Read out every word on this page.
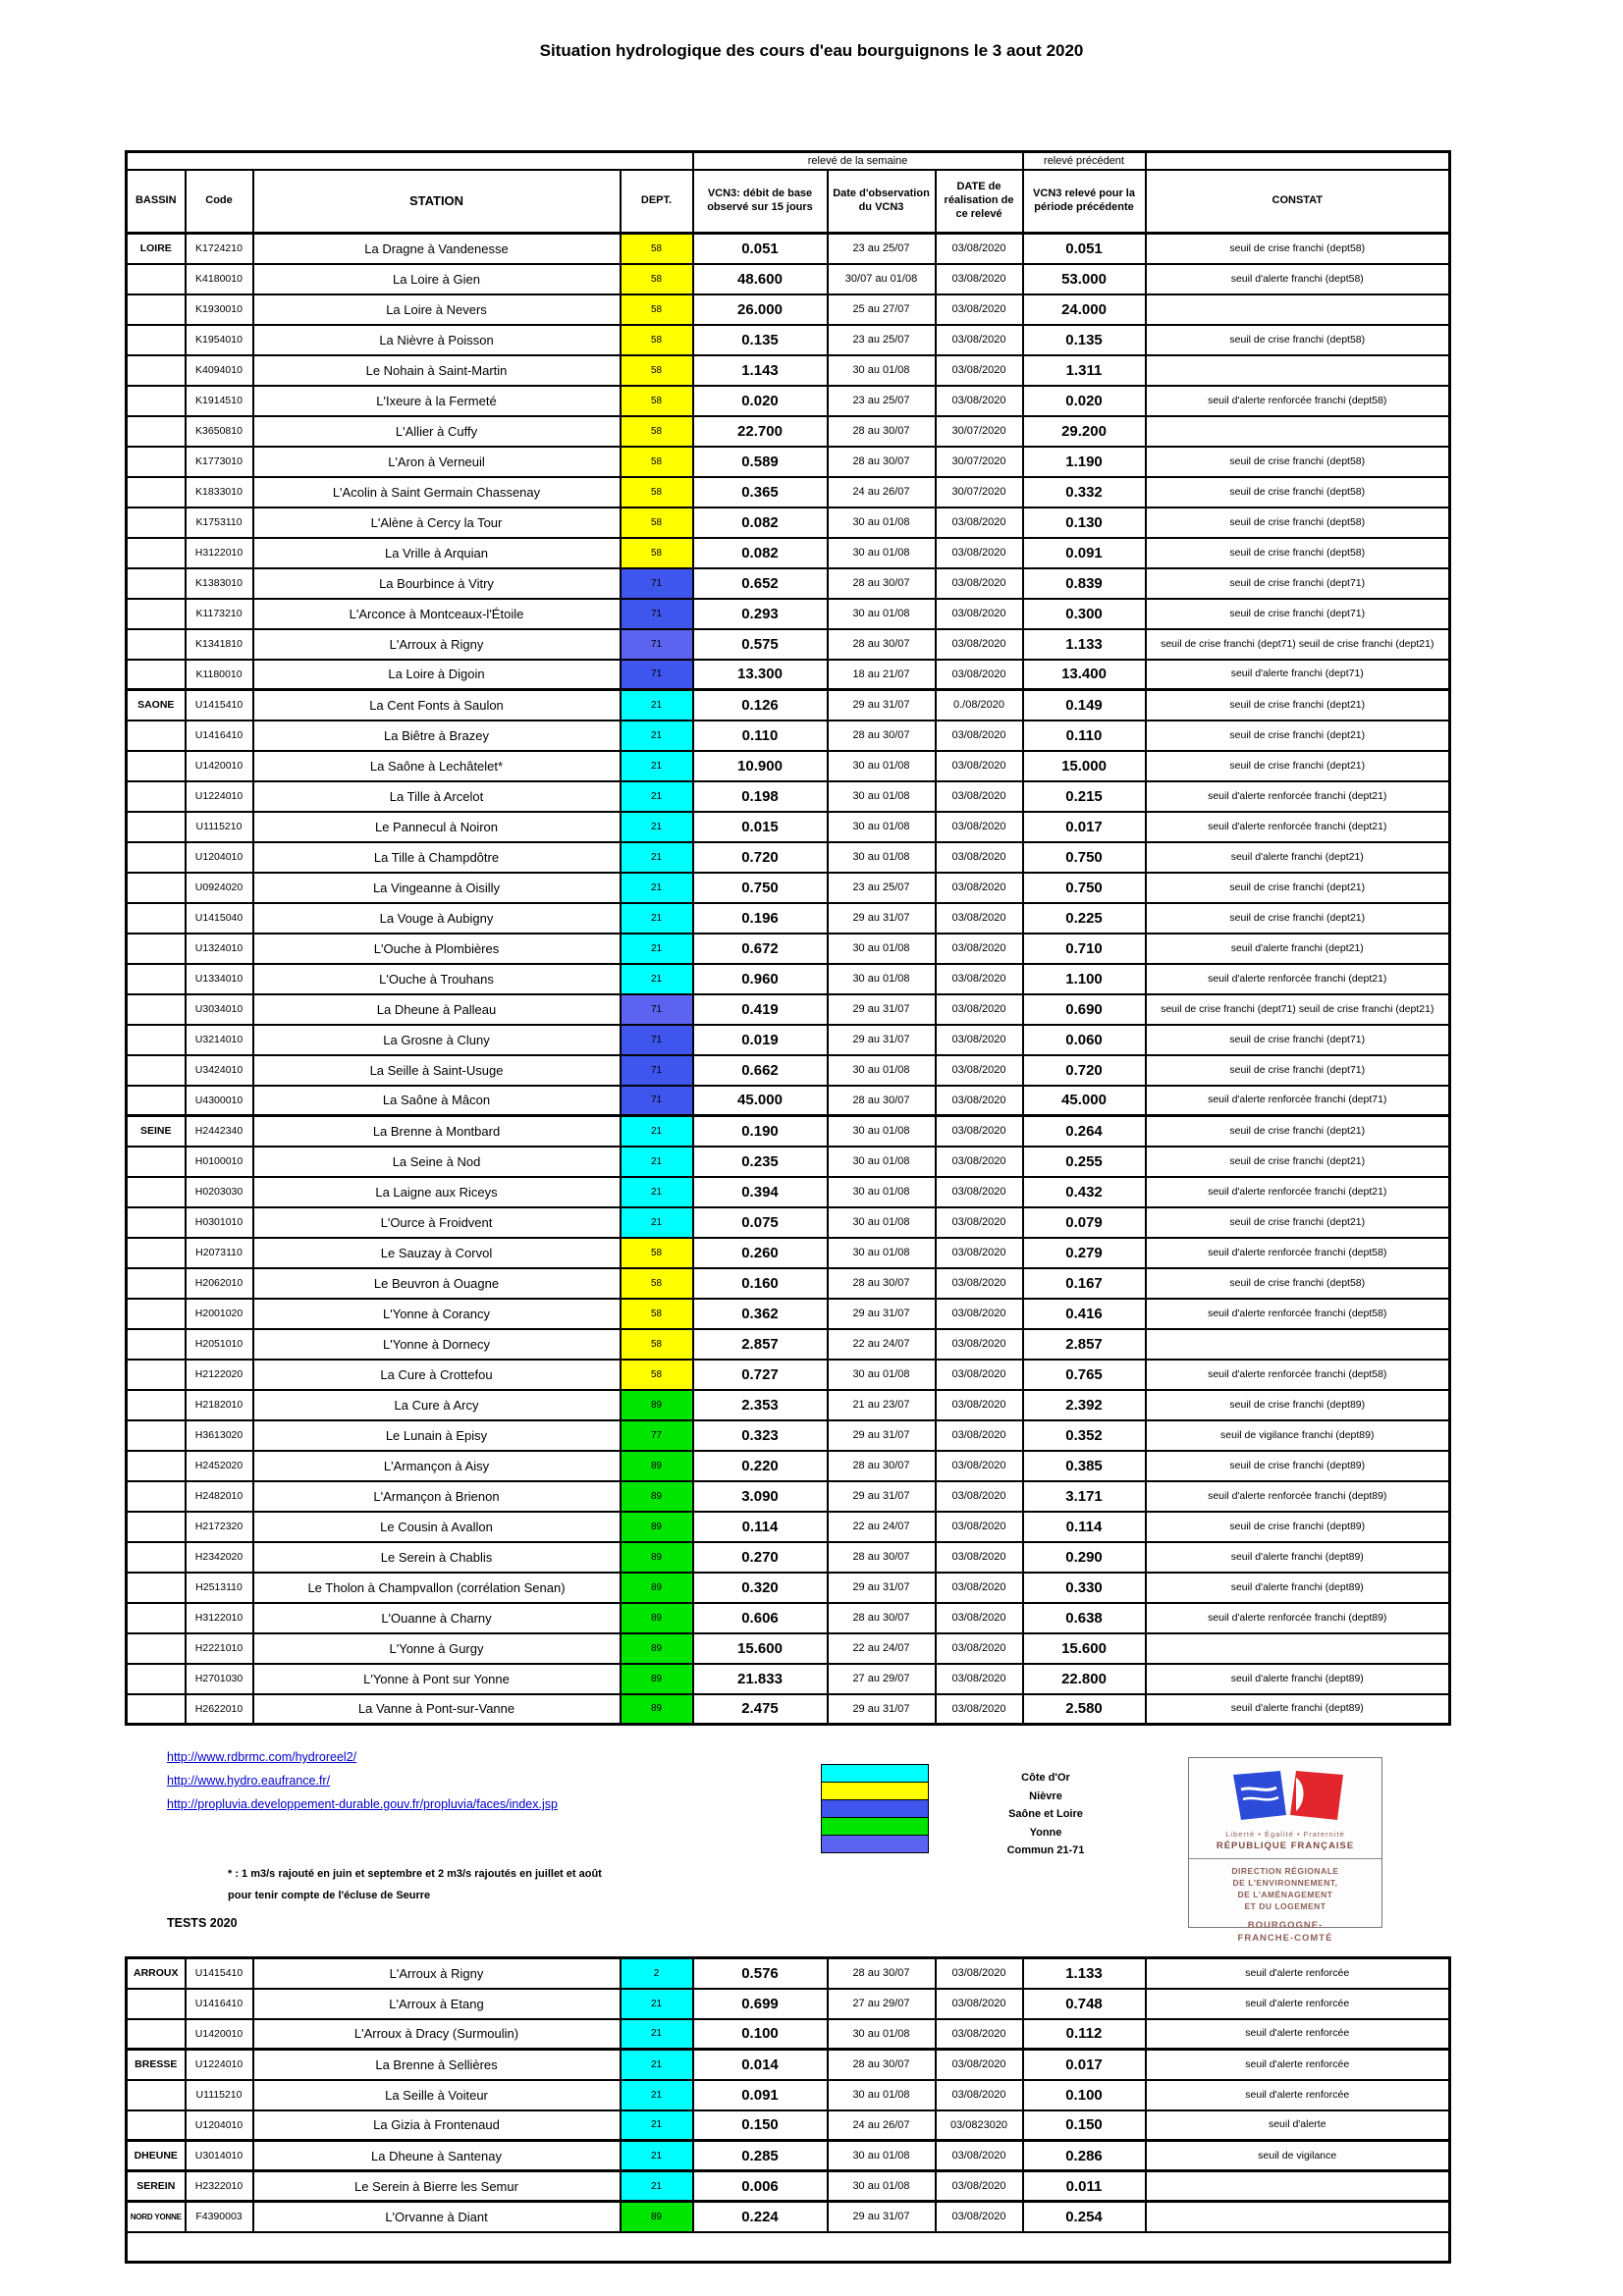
Situation hydrologique des cours d'eau bourguignons le 3 aout 2020
				relevé de la semaine			relevé précédent	
BASSIN	Code	STATION	DEPT.	VCN3: débit de base observé sur 15 jours	Date d'observation du VCN3	DATE de réalisation de ce relevé	VCN3 relevé pour la période précédente	CONSTAT
LOIRE	K1724210	La Dragne à Vandenesse	58	0.051	23 au 25/07	03/08/2020	0.051	seuil de crise franchi (dept58)
	K4180010	La Loire à Gien	58	48.600	30/07 au 01/08	03/08/2020	53.000	seuil d'alerte franchi (dept58)
	K1930010	La Loire à Nevers	58	26.000	25 au 27/07	03/08/2020	24.000	
	K1954010	La Nièvre à Poisson	58	0.135	23 au 25/07	03/08/2020	0.135	seuil de crise franchi (dept58)
	K4094010	Le Nohain à Saint-Martin	58	1.143	30 au 01/08	03/08/2020	1.311	
	K1914510	L'Ixeure à la Fermeté	58	0.020	23 au 25/07	03/08/2020	0.020	seuil d'alerte renforcée franchi (dept58)
	K3650810	L'Allier à Cuffy	58	22.700	28 au 30/07	30/07/2020	29.200	
	K1773010	L'Aron à Verneuil	58	0.589	28 au 30/07	30/07/2020	1.190	seuil de crise franchi (dept58)
	K1833010	L'Acolin à Saint Germain Chassenay	58	0.365	24 au 26/07	30/07/2020	0.332	seuil de crise franchi (dept58)
	K1753110	L'Alène à Cercy la Tour	58	0.082	30 au 01/08	03/08/2020	0.130	seuil de crise franchi (dept58)
	H3122010	La Vrille à Arquian	58	0.082	30 au 01/08	03/08/2020	0.091	seuil de crise franchi (dept58)
	K1383010	La Bourbince à Vitry	71	0.652	28 au 30/07	03/08/2020	0.839	seuil de crise franchi (dept71)
	K1173210	L'Arconce à Montceaux-l'Étoile	71	0.293	30 au 01/08	03/08/2020	0.300	seuil de crise franchi (dept71)
	K1341810	L'Arroux à Rigny	71	0.575	28 au 30/07	03/08/2020	1.133	seuil de crise franchi (dept71) seuil de crise franchi (dept21)
	K1180010	La Loire à Digoin	71	13.300	18 au 21/07	03/08/2020	13.400	seuil d'alerte franchi (dept71)
SAONE	U1415410	La Cent Fonts à Saulon	21	0.126	29 au 31/07	0./08/2020	0.149	seuil de crise franchi (dept21)
	U1416410	La Biêtre à Brazey	21	0.110	28 au 30/07	03/08/2020	0.110	seuil de crise franchi (dept21)
	U1420010	La Saône à Lechâtelet*	21	10.900	30 au 01/08	03/08/2020	15.000	seuil de crise franchi (dept21)
	U1224010	La Tille à Arcelot	21	0.198	30 au 01/08	03/08/2020	0.215	seuil d'alerte renforcée franchi (dept21)
	U1115210	Le Pannecul à Noiron	21	0.015	30 au 01/08	03/08/2020	0.017	seuil d'alerte renforcée franchi (dept21)
	U1204010	La Tille à Champdôtre	21	0.720	30 au 01/08	03/08/2020	0.750	seuil d'alerte franchi (dept21)
	U0924020	La Vingeanne à Oisilly	21	0.750	23 au 25/07	03/08/2020	0.750	seuil de crise franchi (dept21)
	U1415040	La Vouge à Aubigny	21	0.196	29 au 31/07	03/08/2020	0.225	seuil de crise franchi (dept21)
	U1324010	L'Ouche à Plombières	21	0.672	30 au 01/08	03/08/2020	0.710	seuil d'alerte franchi (dept21)
	U1334010	L'Ouche à Trouhans	21	0.960	30 au 01/08	03/08/2020	1.100	seuil d'alerte renforcée franchi (dept21)
	U3034010	La Dheune à Palleau	71	0.419	29 au 31/07	03/08/2020	0.690	seuil de crise franchi (dept71) seuil de crise franchi (dept21)
	U3214010	La Grosne à Cluny	71	0.019	29 au 31/07	03/08/2020	0.060	seuil de crise franchi (dept71)
	U3424010	La Seille à Saint-Usuge	71	0.662	30 au 01/08	03/08/2020	0.720	seuil de crise franchi (dept71)
	U4300010	La Saône à Mâcon	71	45.000	28 au 30/07	03/08/2020	45.000	seuil d'alerte renforcée franchi (dept71)
SEINE	H2442340	La Brenne à Montbard	21	0.190	30 au 01/08	03/08/2020	0.264	seuil de crise franchi (dept21)
	H0100010	La Seine à Nod	21	0.235	30 au 01/08	03/08/2020	0.255	seuil de crise franchi (dept21)
	H0203030	La Laigne aux Riceys	21	0.394	30 au 01/08	03/08/2020	0.432	seuil d'alerte renforcée franchi (dept21)
	H0301010	L'Ource à Froidvent	21	0.075	30 au 01/08	03/08/2020	0.079	seuil de crise franchi (dept21)
	H2073110	Le Sauzay à Corvol	58	0.260	30 au 01/08	03/08/2020	0.279	seuil d'alerte renforcée franchi (dept58)
	H2062010	Le Beuvron à Ouagne	58	0.160	28 au 30/07	03/08/2020	0.167	seuil de crise franchi (dept58)
	H2001020	L'Yonne à Corancy	58	0.362	29 au 31/07	03/08/2020	0.416	seuil d'alerte renforcée franchi (dept58)
	H2051010	L'Yonne à Dornecy	58	2.857	22 au 24/07	03/08/2020	2.857	
	H2122020	La Cure à Crottefou	58	0.727	30 au 01/08	03/08/2020	0.765	seuil d'alerte renforcée franchi (dept58)
	H2182010	La Cure à Arcy	89	2.353	21 au 23/07	03/08/2020	2.392	seuil de crise franchi (dept89)
	H3613020	Le Lunain à Episy	77	0.323	29 au 31/07	03/08/2020	0.352	seuil de vigilance franchi (dept89)
	H2452020	L'Armançon à Aisy	89	0.220	28 au 30/07	03/08/2020	0.385	seuil de crise franchi (dept89)
	H2482010	L'Armançon à Brienon	89	3.090	29 au 31/07	03/08/2020	3.171	seuil d'alerte renforcée franchi (dept89)
	H2172320	Le Cousin à Avallon	89	0.114	22 au 24/07	03/08/2020	0.114	seuil de crise franchi (dept89)
	H2342020	Le Serein à Chablis	89	0.270	28 au 30/07	03/08/2020	0.290	seuil d'alerte franchi (dept89)
	H2513110	Le Tholon à Champvallon (corrélation Senan)	89	0.320	29 au 31/07	03/08/2020	0.330	seuil d'alerte franchi (dept89)
	H3122010	L'Ouanne à Charny	89	0.606	28 au 30/07	03/08/2020	0.638	seuil d'alerte renforcée franchi (dept89)
	H2221010	L'Yonne à Gurgy	89	15.600	22 au 24/07	03/08/2020	15.600	
	H2701030	L'Yonne à Pont sur Yonne	89	21.833	27 au 29/07	03/08/2020	22.800	seuil d'alerte franchi (dept89)
	H2622010	La Vanne à Pont-sur-Vanne	89	2.475	29 au 31/07	03/08/2020	2.580	seuil d'alerte franchi (dept89)
http://www.rdbrmc.com/hydroreel2/
http://www.hydro.eaufrance.fr/
http://propluvia.developpement-durable.gouv.fr/propluvia/faces/index.jsp
Côte d'Or
Nièvre
Saône et Loire
Yonne
Commun 21-71
* : 1 m3/s rajouté en juin et septembre et 2 m3/s rajoutés en juillet et août
pour tenir compte de l'écluse de Seurre
TESTS 2020
ARROUX	U1415410	L'Arroux à Rigny	2	0.576	28 au 30/07	03/08/2020	1.133	seuil d'alerte renforcée
	U1416410	L'Arroux à Etang	21	0.699	27 au 29/07	03/08/2020	0.748	seuil d'alerte renforcée
	U1420010	L'Arroux à Dracy (Surmoulin)	21	0.100	30 au 01/08	03/08/2020	0.112	seuil d'alerte renforcée
BRESSE	U1224010	La Brenne à Sellières	21	0.014	28 au 30/07	03/08/2020	0.017	seuil d'alerte renforcée
	U1115210	La Seille à Voiteur	21	0.091	30 au 01/08	03/08/2020	0.100	seuil d'alerte renforcée
	U1204010	La Gizia à Frontenaud	21	0.150	24 au 26/07	03/0823020	0.150	seuil d'alerte
DHEUNE	U3014010	La Dheune à Santenay	21	0.285	30 au 01/08	03/08/2020	0.286	seuil de vigilance
SEREIN	H2322010	Le Serein à Bierre les Semur	21	0.006	30 au 01/08	03/08/2020	0.011	
NORD YONNE	F4390003	L'Orvanne à Diant	89	0.224	29 au 31/07	03/08/2020	0.254	

Liberté • Égalité • Fraternité
RÉPUBLIQUE FRANÇAISE
DIRECTION RÉGIONALE
DE L'ENVIRONNEMENT,
DE L'AMÉNAGEMENT
ET DU LOGEMENT
BOURGOGNE-
FRANCHE-COMTÉ
